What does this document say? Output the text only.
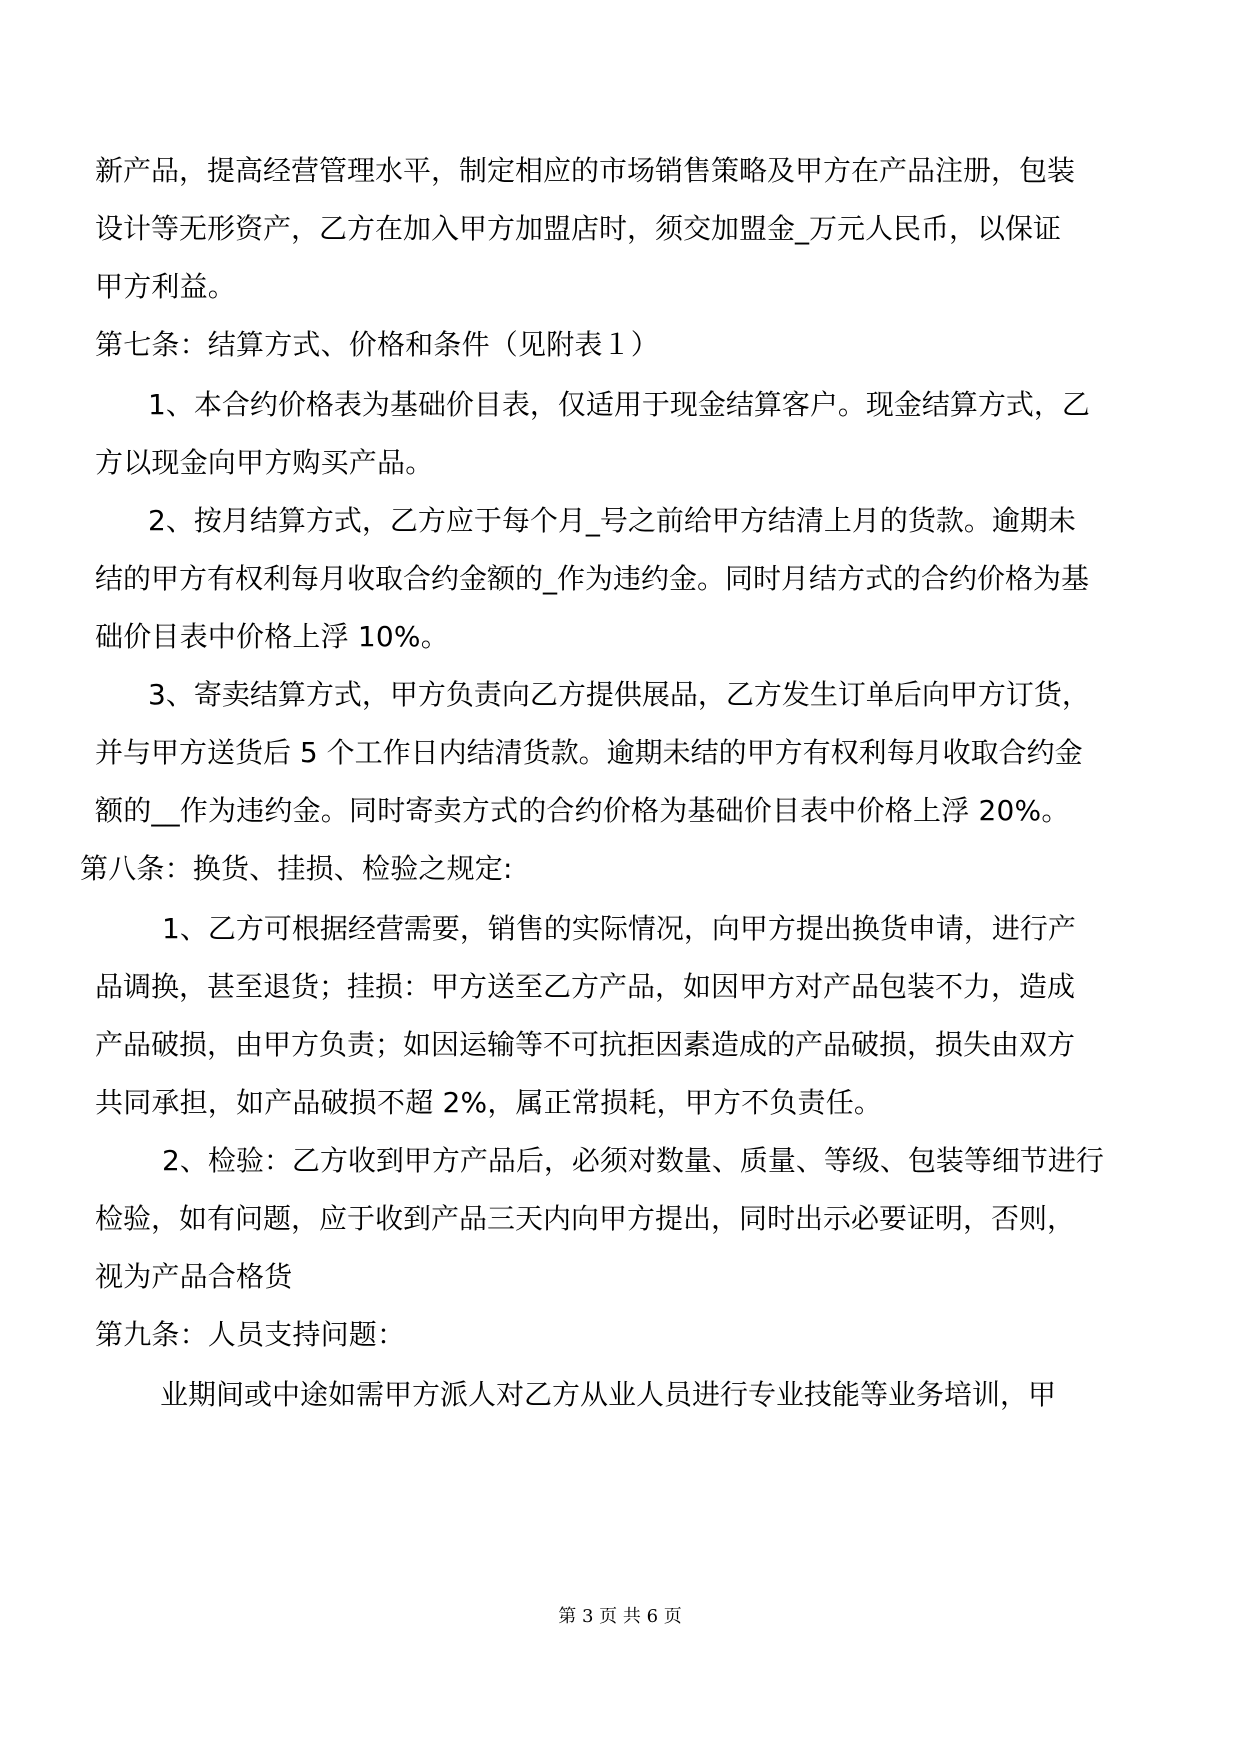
新产品，提高经营管理水平，制定相应的市场销售策略及甲方在产品注册，包装
设计等无形资产，乙方在加入甲方加盟店时，须交加盟金_万元人民币，以保证
甲方利益。
第七条：结算方式、价格和条件（见附表１）
1、本合约价格表为基础价目表，仅适用于现金结算客户。现金结算方式，乙
方以现金向甲方购买产品。
2、按月结算方式，乙方应于每个月_号之前给甲方结清上月的货款。逾期未
结的甲方有权利每月收取合约金额的_作为违约金。同时月结方式的合约价格为基
础价目表中价格上浮 10%。
3、寄卖结算方式，甲方负责向乙方提供展品，乙方发生订单后向甲方订货，
并与甲方送货后 5 个工作日内结清货款。逾期未结的甲方有权利每月收取合约金
额的__作为违约金。同时寄卖方式的合约价格为基础价目表中价格上浮 20%。
第八条：换货、挂损、检验之规定:
1、乙方可根据经营需要，销售的实际情况，向甲方提出换货申请，进行产
品调换，甚至退货；挂损：甲方送至乙方产品，如因甲方对产品包装不力，造成
产品破损，由甲方负责；如因运输等不可抗拒因素造成的产品破损，损失由双方
共同承担，如产品破损不超 2%，属正常损耗，甲方不负责任。
2、检验：乙方收到甲方产品后，必须对数量、质量、等级、包装等细节进行
检验，如有问题，应于收到产品三天内向甲方提出，同时出示必要证明，否则，
视为产品合格货
第九条：人员支持问题：
业期间或中途如需甲方派人对乙方从业人员进行专业技能等业务培训，甲
第 3 页 共 6 页
